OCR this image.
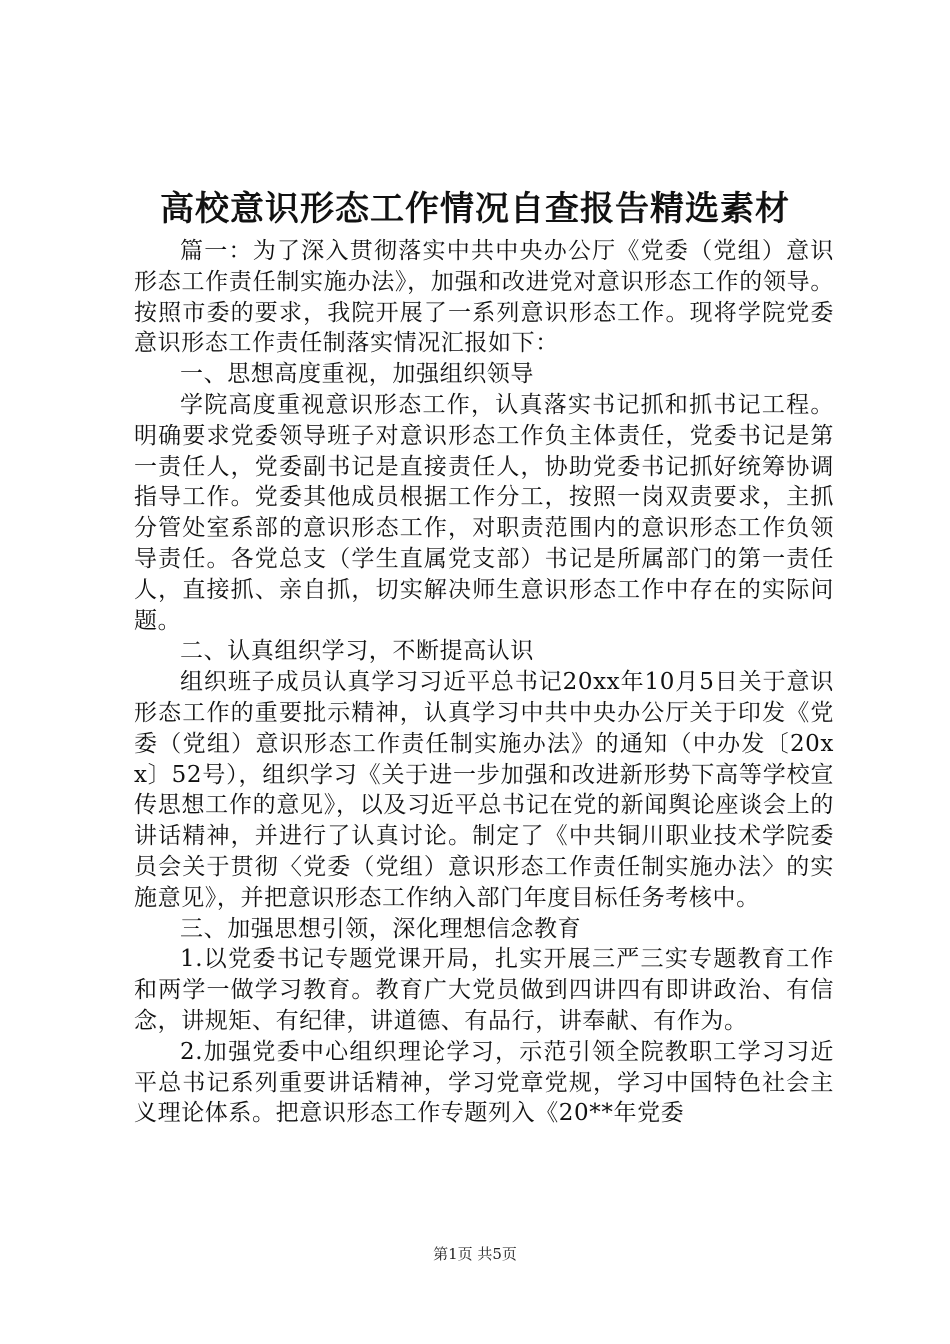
高校意识形态工作情况自查报告精选素材

篇一：为了深入贯彻落实中共中央办公厅《党委（党组）意识形态工作责任制实施办法》，加强和改进党对意识形态工作的领导。按照市委的要求，我院开展了一系列意识形态工作。现将学院党委意识形态工作责任制落实情况汇报如下：

一、思想高度重视，加强组织领导

学院高度重视意识形态工作，认真落实书记抓和抓书记工程。明确要求党委领导班子对意识形态工作负主体责任，党委书记是第一责任人，党委副书记是直接责任人，协助党委书记抓好统筹协调指导工作。党委其他成员根据工作分工，按照一岗双责要求，主抓分管处室系部的意识形态工作，对职责范围内的意识形态工作负领导责任。各党总支（学生直属党支部）书记是所属部门的第一责任人，直接抓、亲自抓，切实解决师生意识形态工作中存在的实际问题。

二、认真组织学习，不断提高认识

组织班子成员认真学习习近平总书记20xx年10月5日关于意识形态工作的重要批示精神，认真学习中共中央办公厅关于印发《党委（党组）意识形态工作责任制实施办法》的通知（中办发〔20xx〕52号），组织学习《关于进一步加强和改进新形势下高等学校宣传思想工作的意见》，以及习近平总书记在党的新闻舆论座谈会上的讲话精神，并进行了认真讨论。制定了《中共铜川职业技术学院委员会关于贯彻〈党委（党组）意识形态工作责任制实施办法〉的实施意见》，并把意识形态工作纳入部门年度目标任务考核中。

三、加强思想引领，深化理想信念教育

1.以党委书记专题党课开局，扎实开展三严三实专题教育工作和两学一做学习教育。教育广大党员做到四讲四有即讲政治、有信念，讲规矩、有纪律，讲道德、有品行，讲奉献、有作为。

2.加强党委中心组织理论学习，示范引领全院教职工学习习近平总书记系列重要讲话精神，学习党章党规，学习中国特色社会主义理论体系。把意识形态工作专题列入《20**年党委

第1页 共5页
